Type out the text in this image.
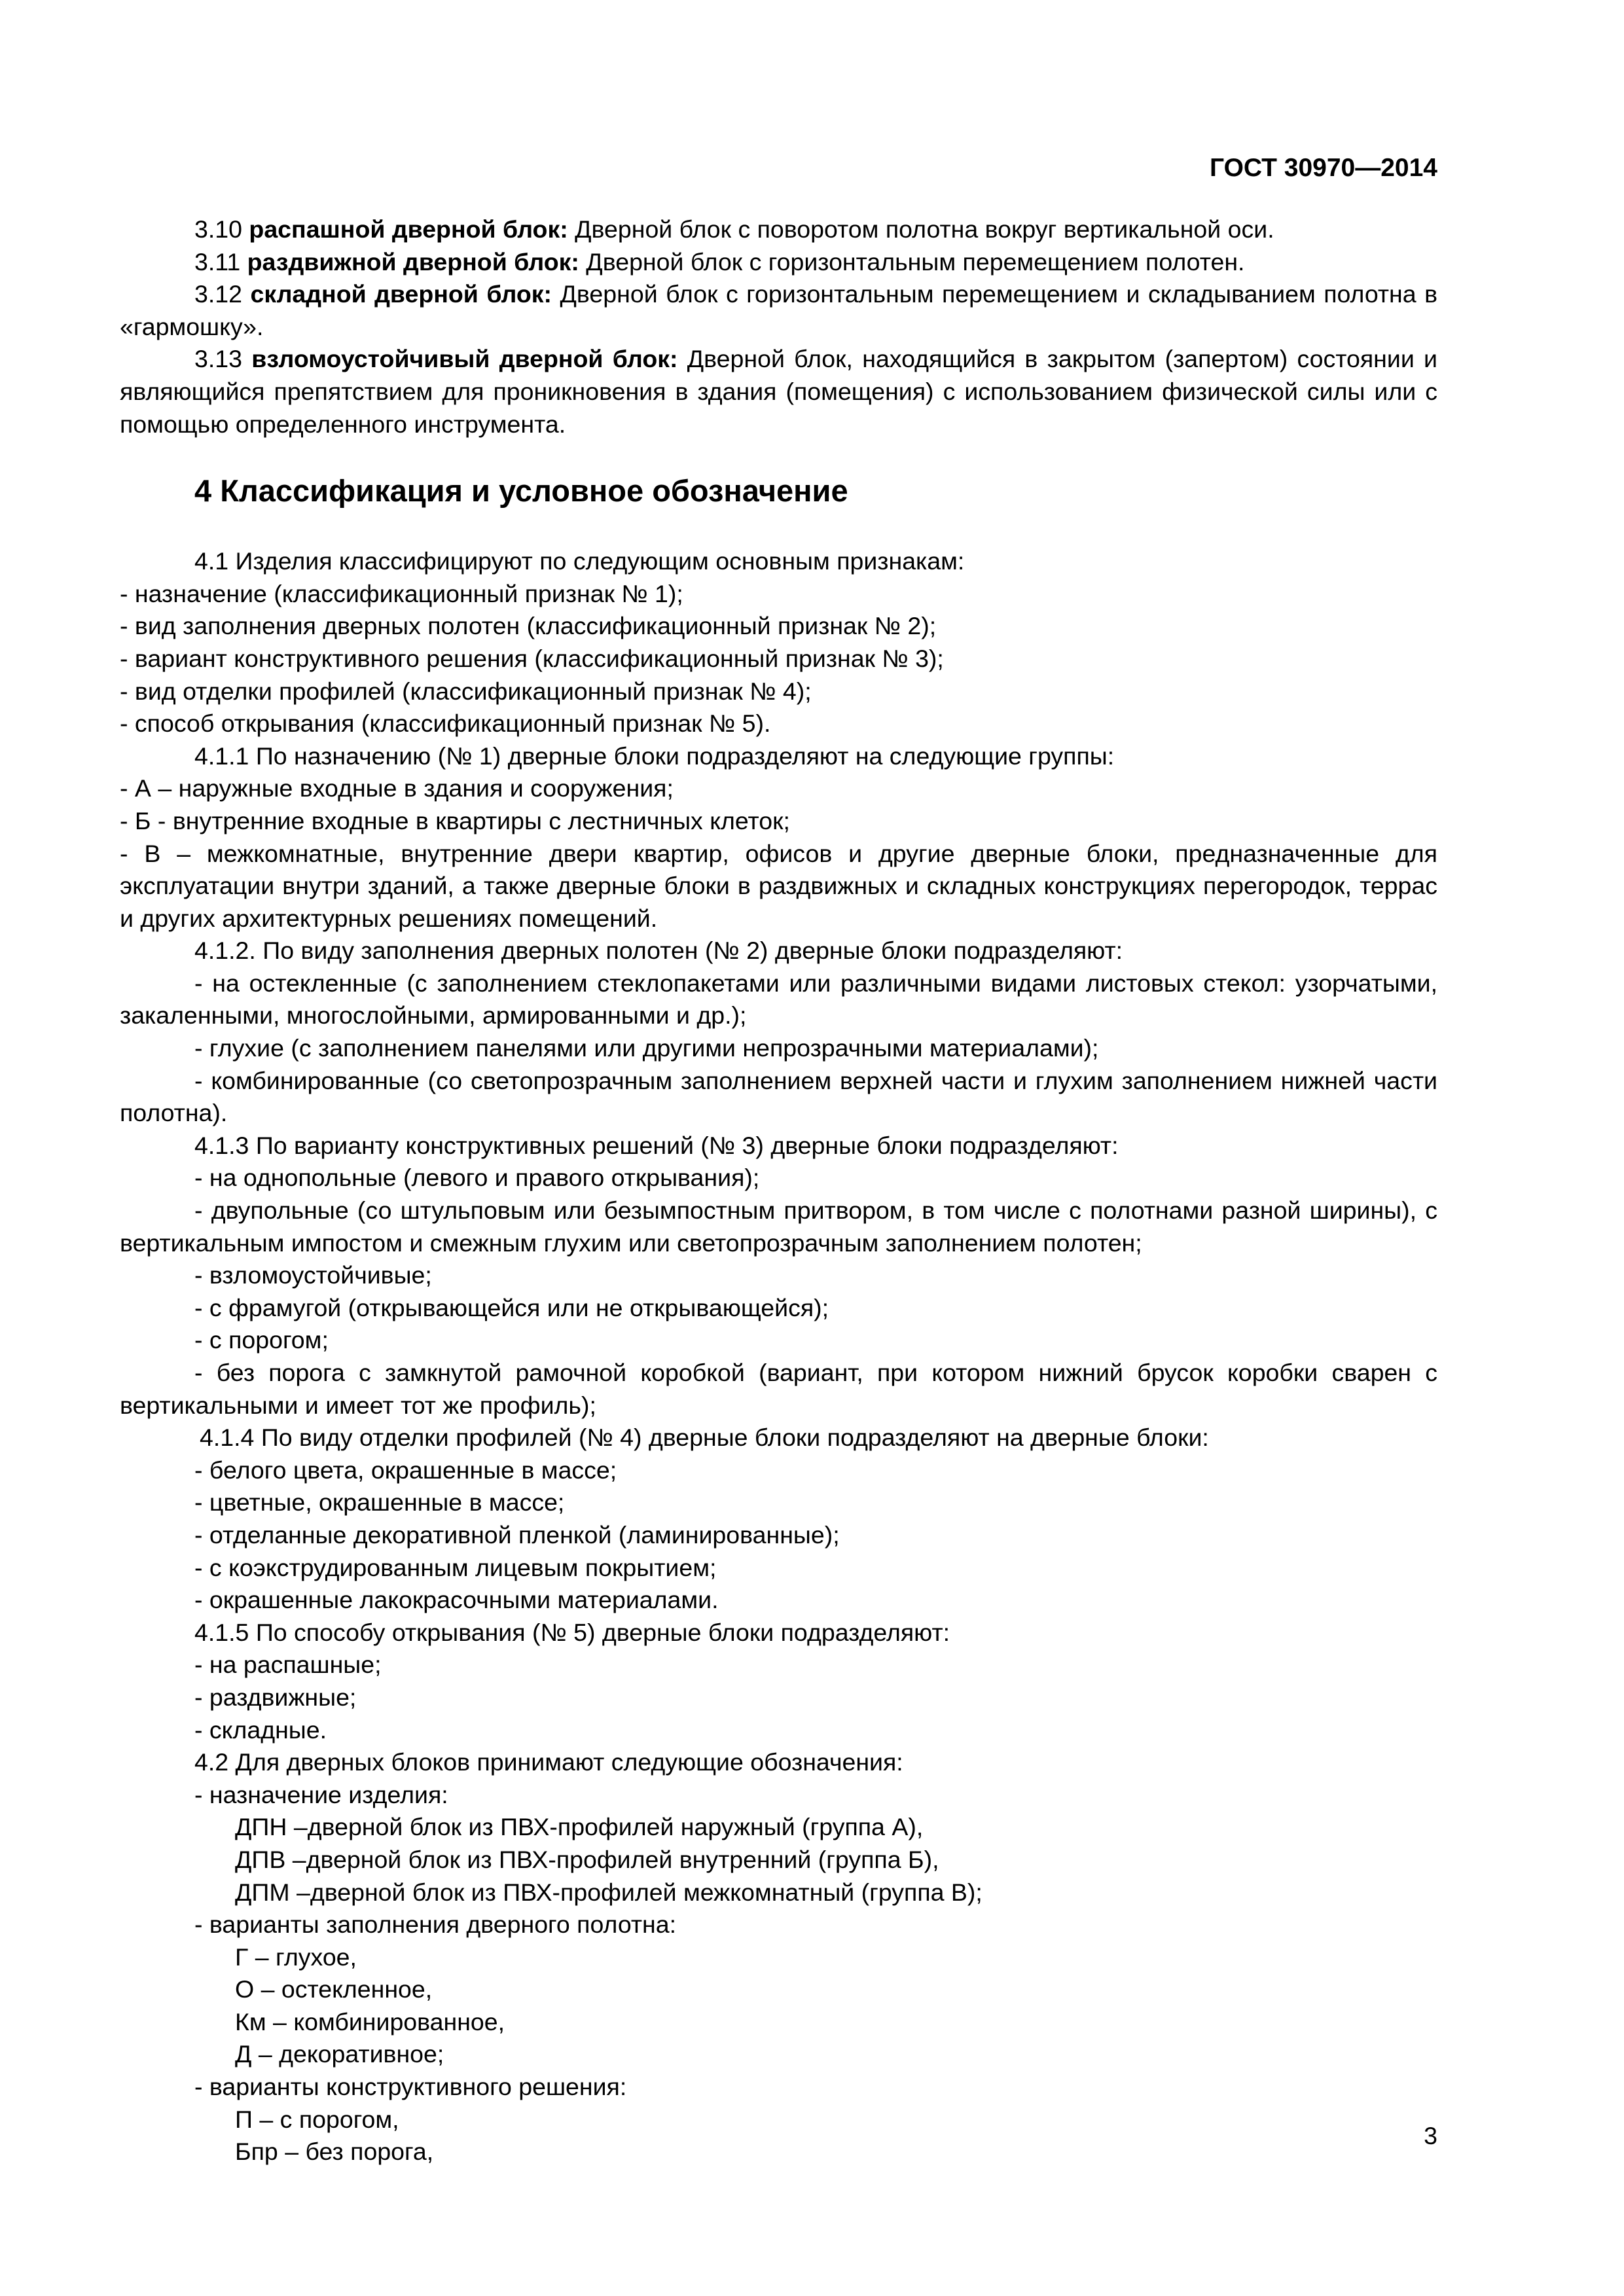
ГОСТ 30970—2014

3.10 распашной дверной блок: Дверной блок с поворотом полотна вокруг вертикальной оси.

3.11 раздвижной дверной блок: Дверной блок с горизонтальным перемещением полотен.

3.12 складной дверной блок: Дверной блок с горизонтальным перемещением и складыванием полотна в «гармошку».

3.13 взломоустойчивый дверной блок: Дверной блок, находящийся в закрытом (запертом) состоянии и являющийся препятствием для проникновения в здания (помещения) с использованием физической силы или с помощью определенного инструмента.

4 Классификация и условное обозначение

4.1 Изделия классифицируют по следующим основным признакам:

- назначение (классификационный признак № 1);

- вид заполнения дверных полотен (классификационный признак № 2);

- вариант конструктивного решения (классификационный признак № 3);

- вид отделки профилей (классификационный признак № 4);

- способ открывания (классификационный признак № 5).

4.1.1 По назначению (№ 1) дверные блоки подразделяют на следующие группы:

- А – наружные входные в здания и сооружения;

- Б - внутренние входные в квартиры с лестничных клеток;

- В – межкомнатные, внутренние двери квартир, офисов и другие дверные блоки, предназначенные для эксплуатации внутри зданий, а также дверные блоки в раздвижных и складных конструкциях перегородок, террас и других архитектурных решениях помещений.

4.1.2. По виду заполнения дверных полотен (№ 2) дверные блоки подразделяют:

- на остекленные (с заполнением стеклопакетами или различными видами листовых стекол: узорчатыми, закаленными, многослойными, армированными и др.);

- глухие (с заполнением панелями или другими непрозрачными материалами);

- комбинированные (со светопрозрачным заполнением верхней части и глухим заполнением нижней части полотна).

4.1.3 По варианту конструктивных решений (№ 3) дверные блоки подразделяют:

- на однопольные (левого и правого открывания);

- двупольные (со штульповым или безымпостным притвором, в том числе с полотнами разной ширины), с вертикальным импостом и смежным глухим или светопрозрачным заполнением полотен;

- взломоустойчивые;

- с фрамугой (открывающейся или не открывающейся);

- с порогом;

- без порога с замкнутой рамочной коробкой (вариант, при котором нижний брусок коробки сварен с вертикальными и имеет тот же профиль);

4.1.4 По виду отделки профилей (№ 4) дверные блоки подразделяют на дверные блоки:

- белого цвета, окрашенные в массе;

- цветные, окрашенные в массе;

- отделанные декоративной пленкой (ламинированные);

- с коэкструдированным лицевым покрытием;

- окрашенные лакокрасочными материалами.

4.1.5 По способу открывания (№ 5) дверные блоки подразделяют:

- на распашные;

- раздвижные;

- складные.

4.2 Для дверных блоков принимают следующие обозначения:

- назначение изделия:

ДПН –дверной блок из ПВХ-профилей наружный (группа А),

ДПВ –дверной блок из ПВХ-профилей внутренний (группа Б),

ДПМ –дверной блок из ПВХ-профилей межкомнатный (группа В);

- варианты заполнения дверного полотна:

Г – глухое,

О – остекленное,

Км – комбинированное,

Д – декоративное;

- варианты конструктивного решения:

П – с порогом,

Бпр – без порога,

3
